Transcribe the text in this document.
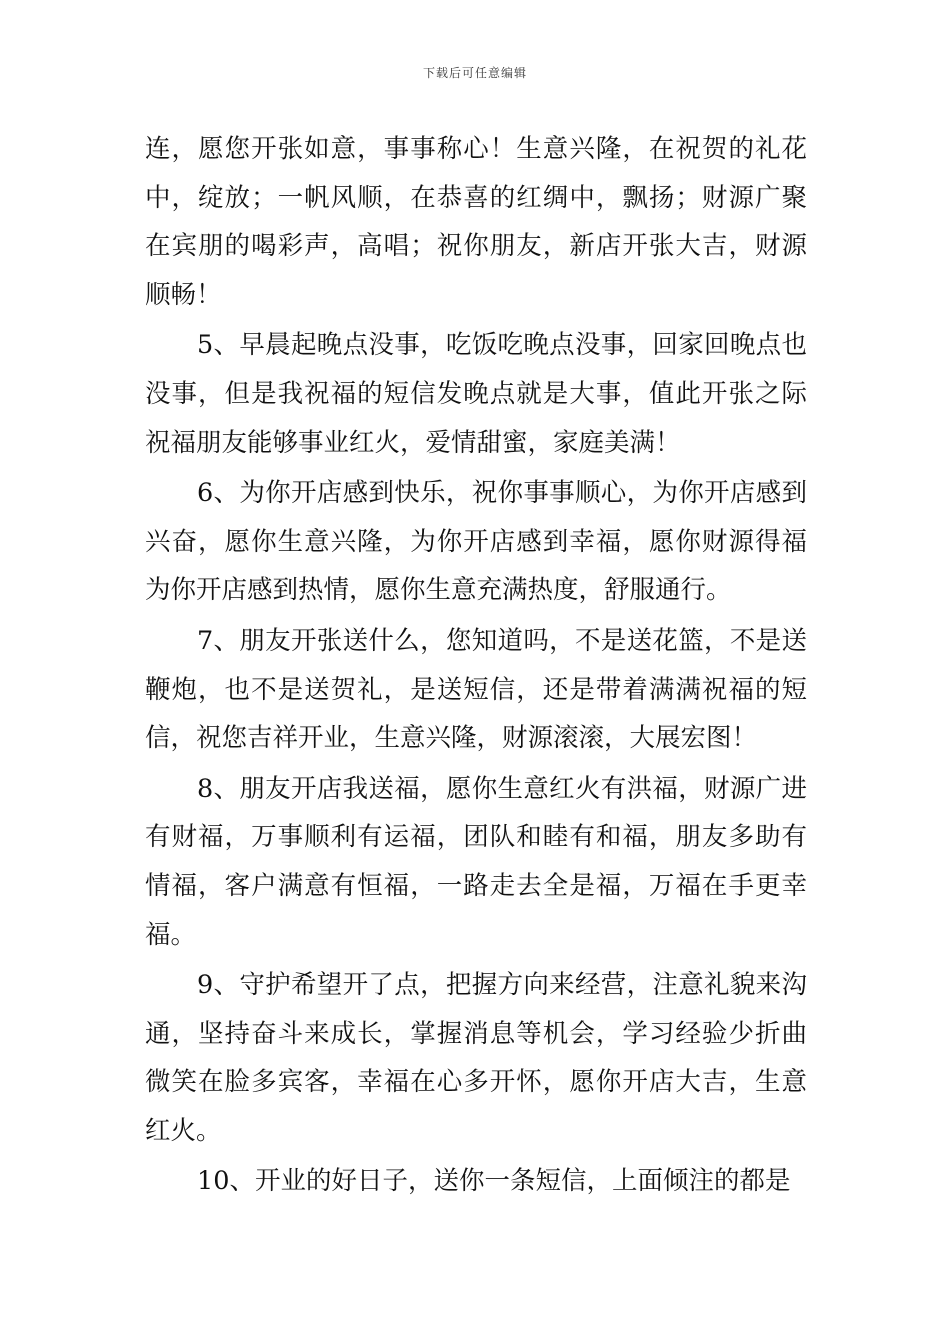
下载后可任意编辑

连，愿您开张如意，事事称心！生意兴隆，在祝贺的礼花中，绽放；一帆风顺，在恭喜的红绸中，飘扬；财源广聚在宾朋的喝彩声，高唱；祝你朋友，新店开张大吉，财源顺畅！

5、早晨起晚点没事，吃饭吃晚点没事，回家回晚点也没事，但是我祝福的短信发晚点就是大事，值此开张之际祝福朋友能够事业红火，爱情甜蜜，家庭美满！

6、为你开店感到快乐，祝你事事顺心，为你开店感到兴奋，愿你生意兴隆，为你开店感到幸福，愿你财源得福为你开店感到热情，愿你生意充满热度，舒服通行。

7、朋友开张送什么，您知道吗，不是送花篮，不是送鞭炮，也不是送贺礼，是送短信，还是带着满满祝福的短信，祝您吉祥开业，生意兴隆，财源滚滚，大展宏图！

8、朋友开店我送福，愿你生意红火有洪福，财源广进有财福，万事顺利有运福，团队和睦有和福，朋友多助有情福，客户满意有恒福，一路走去全是福，万福在手更幸福。

9、守护希望开了点，把握方向来经营，注意礼貌来沟通，坚持奋斗来成长，掌握消息等机会，学习经验少折曲微笑在脸多宾客，幸福在心多开怀，愿你开店大吉，生意红火。

10、开业的好日子，送你一条短信，上面倾注的都是
